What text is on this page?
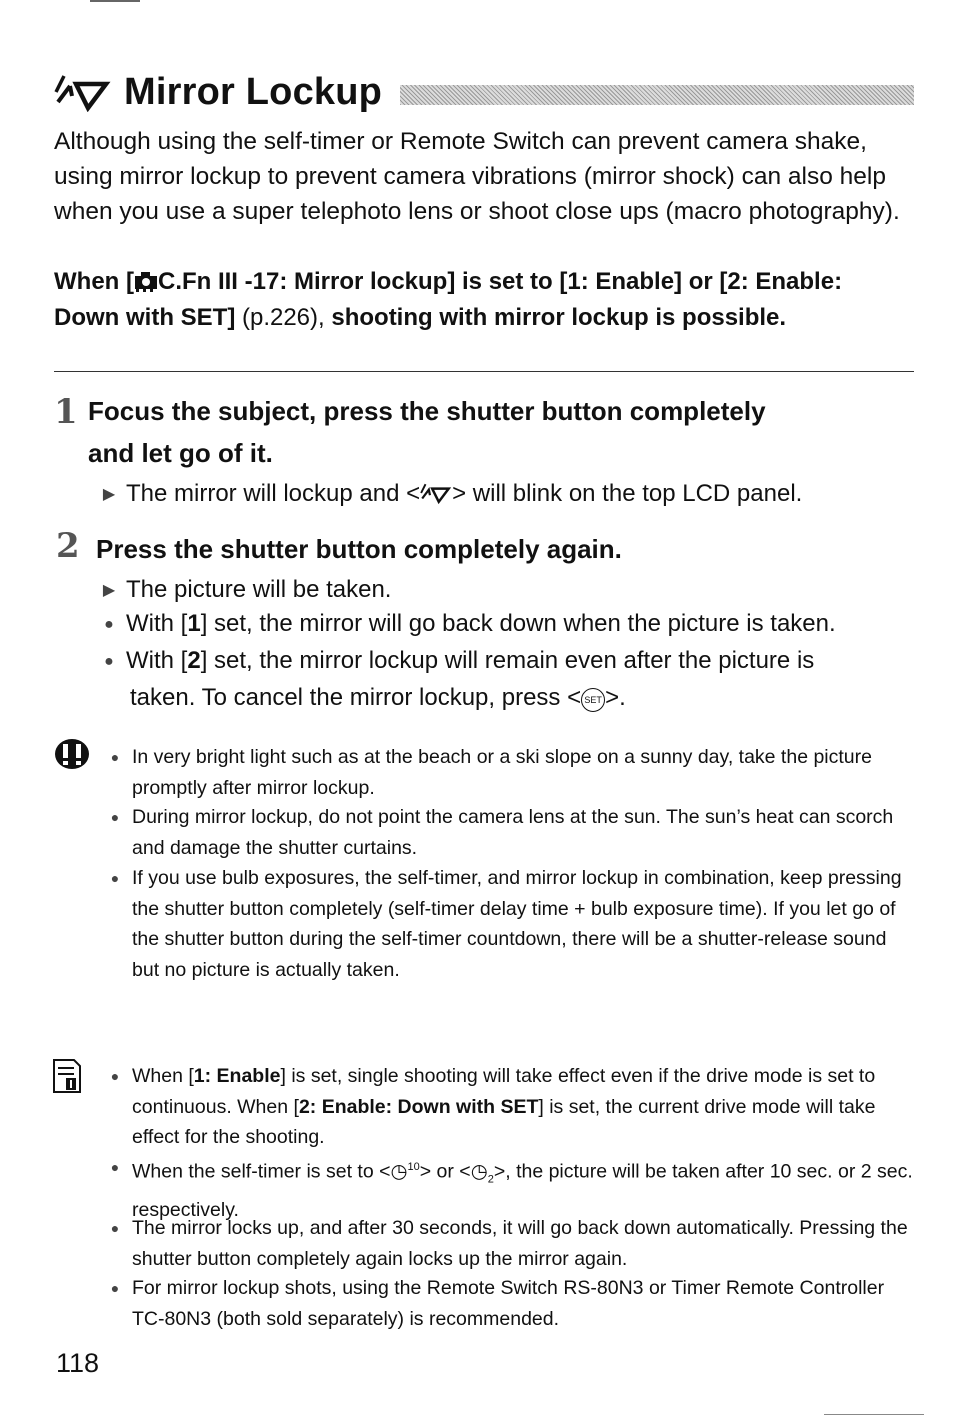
Mirror Lockup
Although using the self-timer or Remote Switch can prevent camera shake, using mirror lockup to prevent camera vibrations (mirror shock) can also help when you use a super telephoto lens or shoot close ups (macro photography).
When [ C.Fn III -17: Mirror lockup] is set to [1: Enable] or [2: Enable: Down with SET] (p.226), shooting with mirror lockup is possible.
1 Focus the subject, press the shutter button completely
and let go of it.
▶ The mirror will lockup and < > will blink on the top LCD panel.
2 Press the shutter button completely again.
▶ The picture will be taken.
● With [1] set, the mirror will go back down when the picture is taken.
● With [2] set, the mirror lockup will remain even after the picture is
taken. To cancel the mirror lockup, press < SET >.
● In very bright light such as at the beach or a ski slope on a sunny day, take the picture promptly after mirror lockup.
● During mirror lockup, do not point the camera lens at the sun. The sun’s heat can scorch and damage the shutter curtains.
● If you use bulb exposures, the self-timer, and mirror lockup in combination, keep pressing the shutter button completely (self-timer delay time + bulb exposure time). If you let go of the shutter button during the self-timer countdown, there will be a shutter-release sound but no picture is actually taken.
● When [1: Enable] is set, single shooting will take effect even if the drive mode is set to continuous. When [2: Enable: Down with SET] is set, the current drive mode will take effect for the shooting.
● When the self-timer is set to <◷$^{10}$> or $<◷_2>$, the picture will be taken after 10 sec. or 2 sec. respectively.
● The mirror locks up, and after 30 seconds, it will go back down automatically. Pressing the shutter button completely again locks up the mirror again.
● For mirror lockup shots, using the Remote Switch RS-80N3 or Timer Remote Controller TC-80N3 (both sold separately) is recommended.
118
